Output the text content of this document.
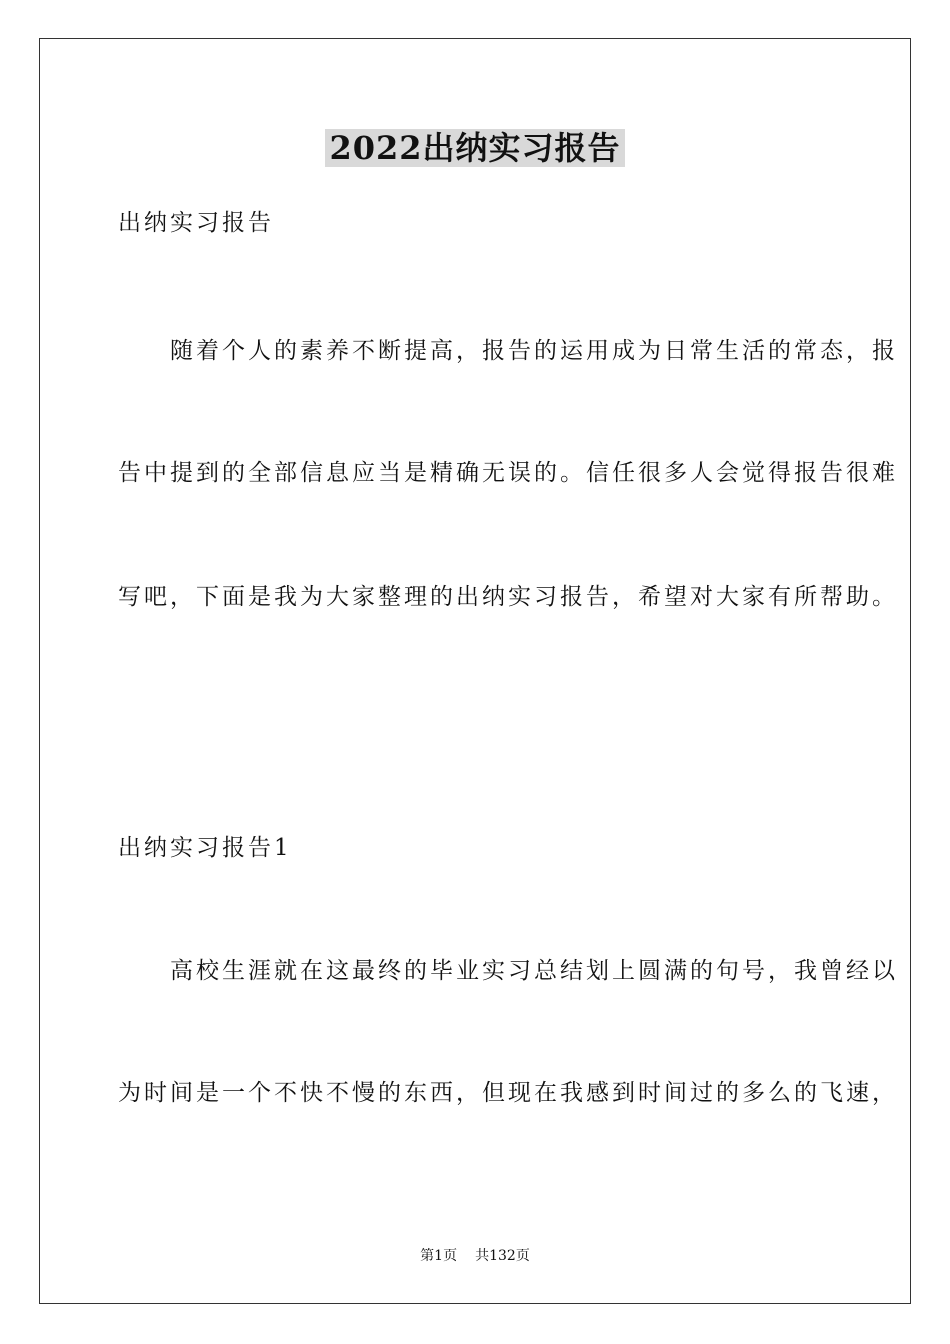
2022出纳实习报告
出纳实习报告
　　随着个人的素养不断提高，报告的运用成为日常生活的常态，报
告中提到的全部信息应当是精确无误的。信任很多人会觉得报告很难
写吧，下面是我为大家整理的出纳实习报告，希望对大家有所帮助。
出纳实习报告1
　　高校生涯就在这最终的毕业实习总结划上圆满的句号，我曾经以
为时间是一个不快不慢的东西，但现在我感到时间过的多么的飞速，
第1页 共132页
